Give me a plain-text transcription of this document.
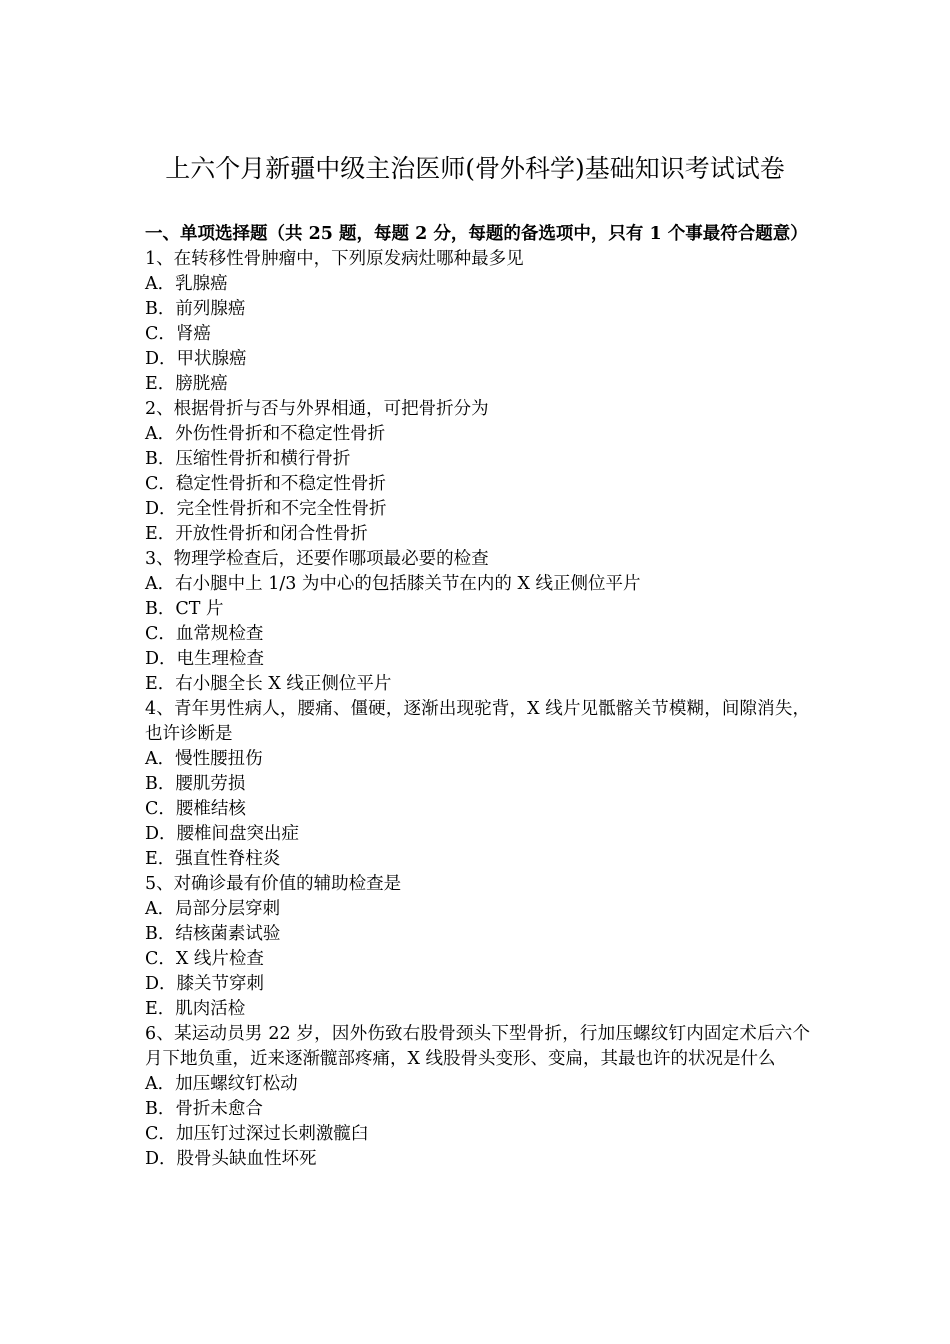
上六个月新疆中级主治医师(骨外科学)基础知识考试试卷

一、单项选择题（共 25 题，每题 2 分，每题的备选项中，只有 1 个事最符合题意）

1、在转移性骨肿瘤中，下列原发病灶哪种最多见

A．乳腺癌

B．前列腺癌

C．肾癌

D．甲状腺癌

E．膀胱癌

2、根据骨折与否与外界相通，可把骨折分为

A．外伤性骨折和不稳定性骨折

B．压缩性骨折和横行骨折

C．稳定性骨折和不稳定性骨折

D．完全性骨折和不完全性骨折

E．开放性骨折和闭合性骨折

3、物理学检查后，还要作哪项最必要的检查

A．右小腿中上 1/3 为中心的包括膝关节在内的 X 线正侧位平片

B．CT 片

C．血常规检查

D．电生理检查

E．右小腿全长 X 线正侧位平片

4、青年男性病人，腰痛、僵硬，逐渐出现驼背，X 线片见骶髂关节模糊，间隙消失，也许诊断是

A．慢性腰扭伤

B．腰肌劳损

C．腰椎结核

D．腰椎间盘突出症

E．强直性脊柱炎

5、对确诊最有价值的辅助检查是

A．局部分层穿刺

B．结核菌素试验

C．X 线片检查

D．膝关节穿刺

E．肌肉活检

6、某运动员男 22 岁，因外伤致右股骨颈头下型骨折，行加压螺纹钉内固定术后六个月下地负重，近来逐渐髋部疼痛，X 线股骨头变形、变扁，其最也许的状况是什么

A．加压螺纹钉松动

B．骨折未愈合

C．加压钉过深过长刺激髋臼

D．股骨头缺血性坏死
